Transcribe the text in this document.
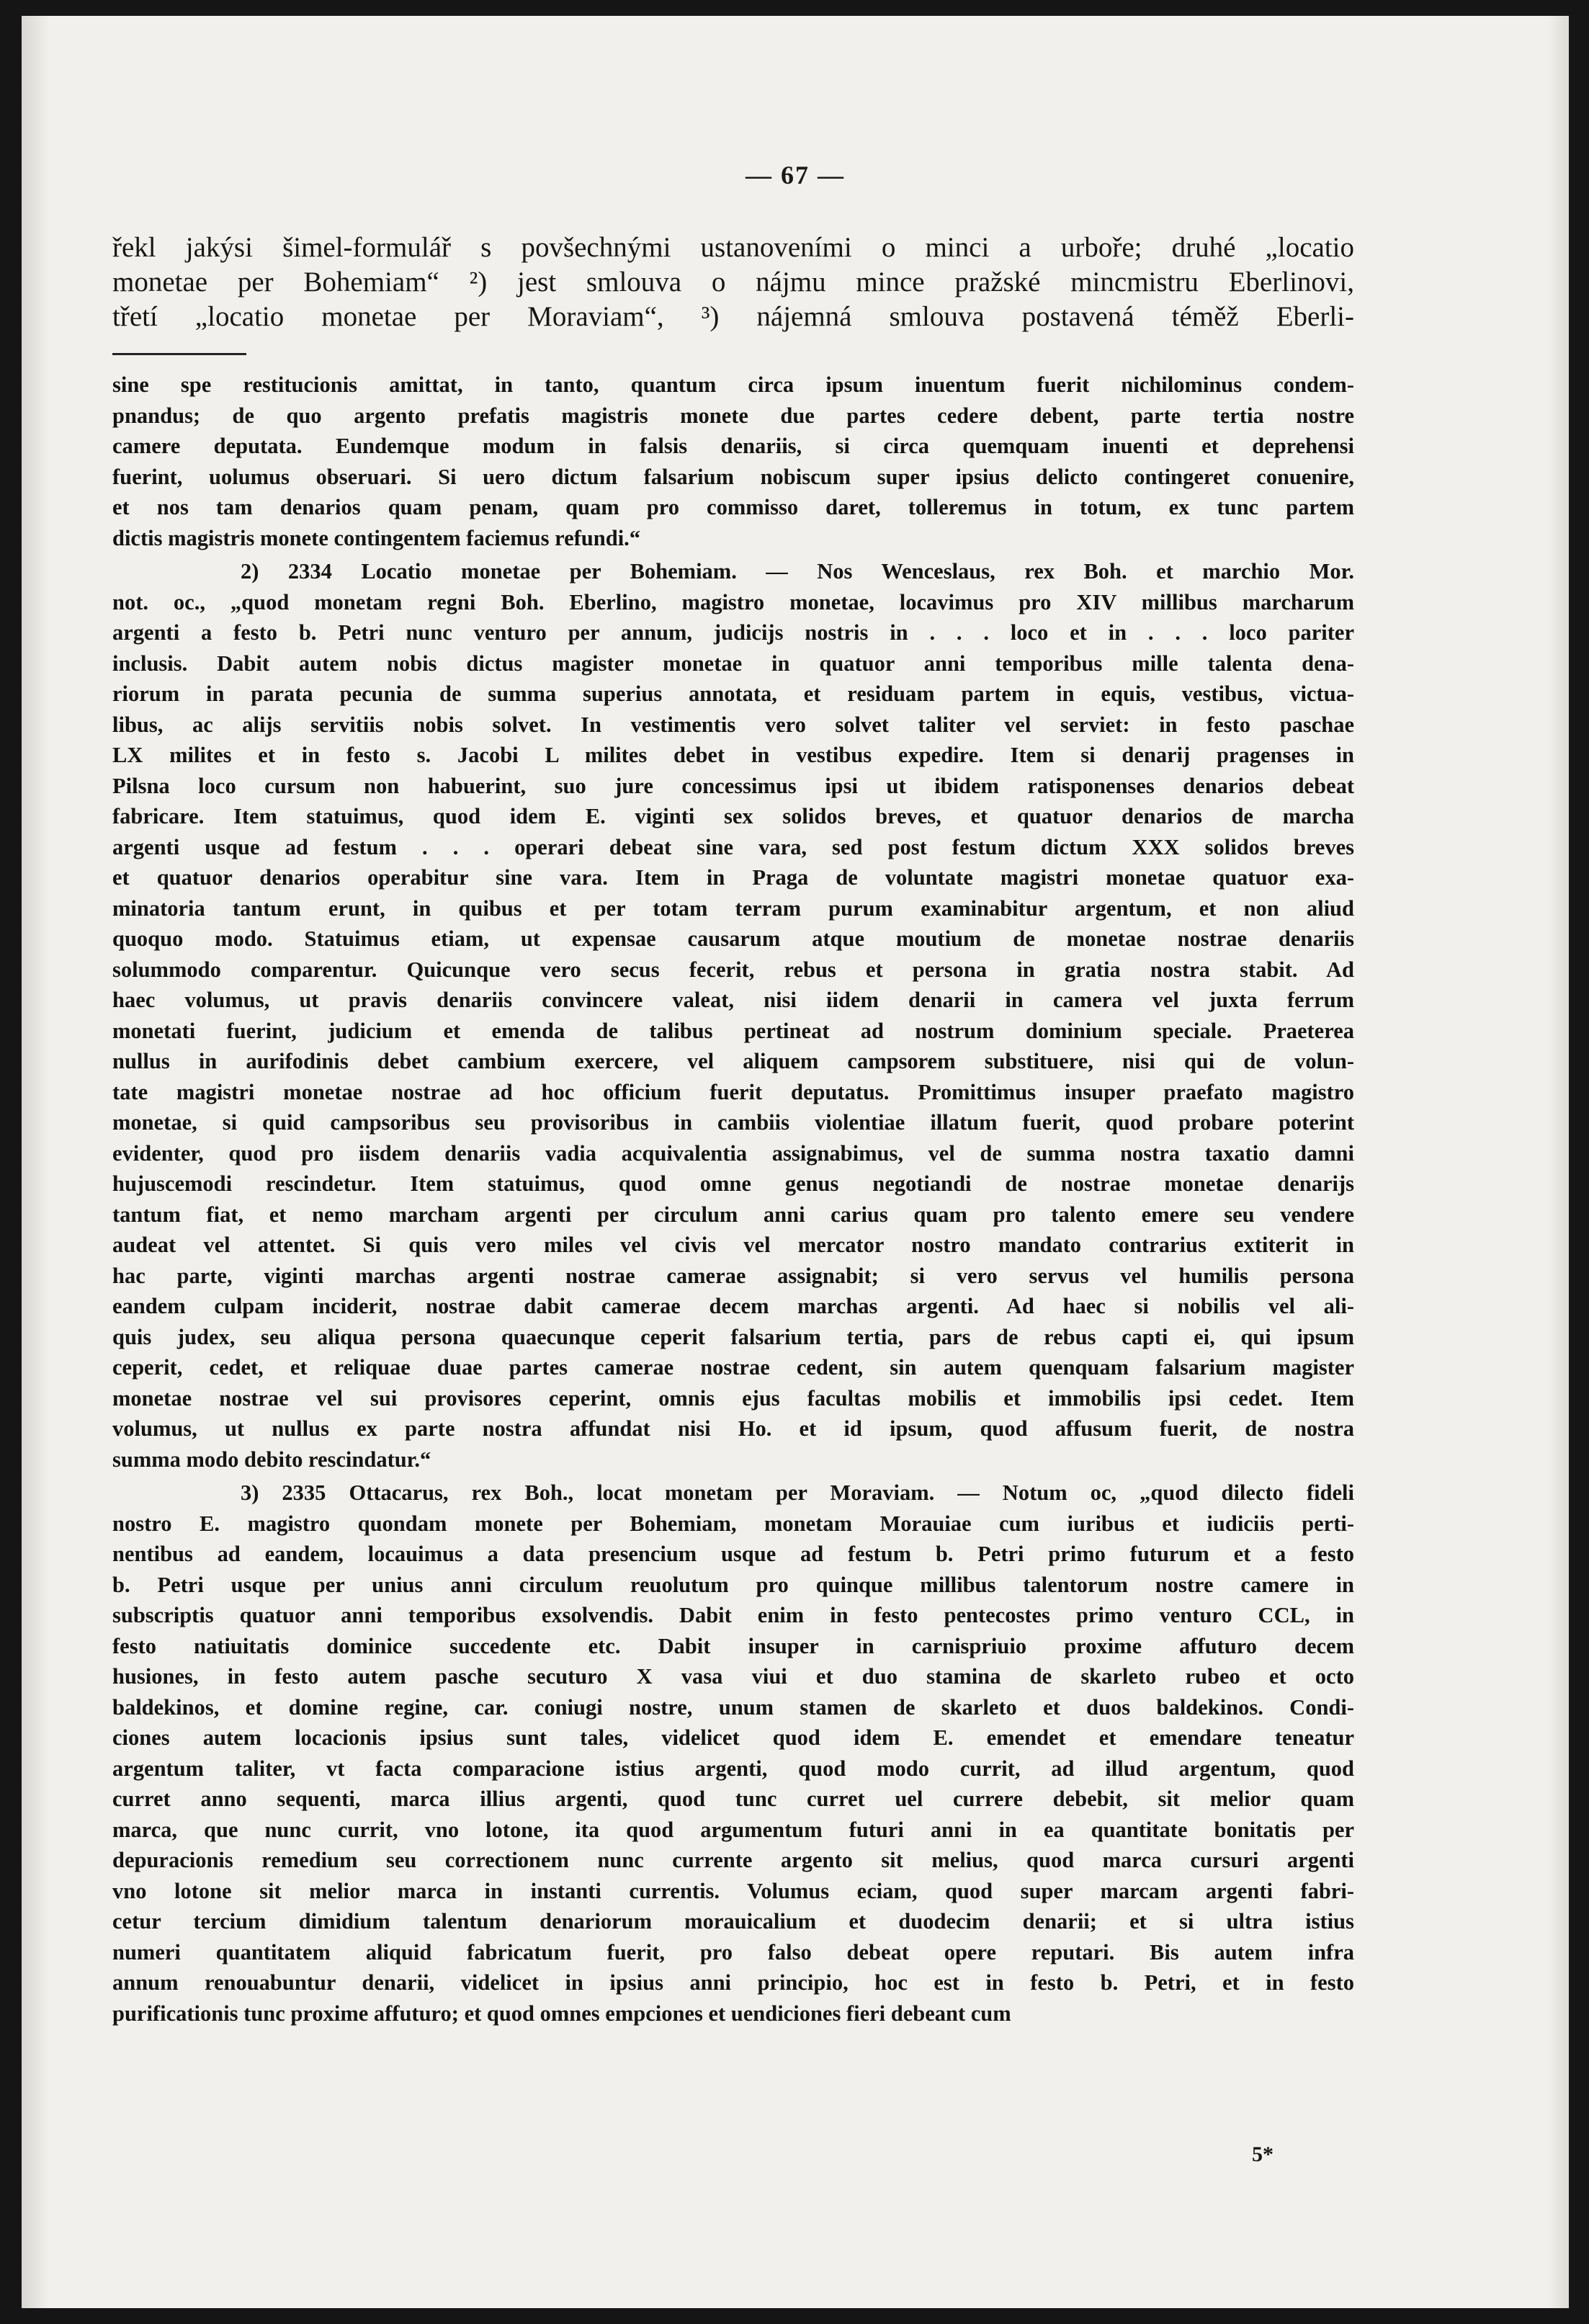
— 67 —

řekl jakýsi šimel-formulář s povšechnými ustanoveními o minci a urboře; druhé „locatio
monetae per Bohemiam“ ²) jest smlouva o nájmu mince pražské mincmistru Eberlinovi,
třetí „locatio monetae per Moraviam“, ³) nájemná smlouva postavená téměž Eberli-

sine spe restitucionis amittat, in tanto, quantum circa ipsum inuentum fuerit nichilominus condem-
pnandus; de quo argento prefatis magistris monete due partes cedere debent, parte tertia nostre
camere deputata. Eundemque modum in falsis denariis, si circa quemquam inuenti et deprehensi
fuerint, uolumus obseruari. Si uero dictum falsarium nobiscum super ipsius delicto contingeret conuenire,
et nos tam denarios quam penam, quam pro commisso daret, tolleremus in totum, ex tunc partem
dictis magistris monete contingentem faciemus refundi.“

2) 2334 Locatio monetae per Bohemiam. — Nos Wenceslaus, rex Boh. et marchio Mor.
not. oc., „quod monetam regni Boh. Eberlino, magistro monetae, locavimus pro XIV millibus marcharum
argenti a festo b. Petri nunc venturo per annum, judicijs nostris in . . . loco et in . . . loco pariter
inclusis. Dabit autem nobis dictus magister monetae in quatuor anni temporibus mille talenta dena-
riorum in parata pecunia de summa superius annotata, et residuam partem in equis, vestibus, victua-
libus, ac alijs servitiis nobis solvet. In vestimentis vero solvet taliter vel serviet: in festo paschae
LX milites et in festo s. Jacobi L milites debet in vestibus expedire. Item si denarij pragenses in
Pilsna loco cursum non habuerint, suo jure concessimus ipsi ut ibidem ratisponenses denarios debeat
fabricare. Item statuimus, quod idem E. viginti sex solidos breves, et quatuor denarios de marcha
argenti usque ad festum . . . operari debeat sine vara, sed post festum dictum XXX solidos breves
et quatuor denarios operabitur sine vara. Item in Praga de voluntate magistri monetae quatuor exa-
minatoria tantum erunt, in quibus et per totam terram purum examinabitur argentum, et non aliud
quoquo modo. Statuimus etiam, ut expensae causarum atque moutium de monetae nostrae denariis
solummodo comparentur. Quicunque vero secus fecerit, rebus et persona in gratia nostra stabit. Ad
haec volumus, ut pravis denariis convincere valeat, nisi iidem denarii in camera vel juxta ferrum
monetati fuerint, judicium et emenda de talibus pertineat ad nostrum dominium speciale. Praeterea
nullus in aurifodinis debet cambium exercere, vel aliquem campsorem substituere, nisi qui de volun-
tate magistri monetae nostrae ad hoc officium fuerit deputatus. Promittimus insuper praefato magistro
monetae, si quid campsoribus seu provisoribus in cambiis violentiae illatum fuerit, quod probare poterint
evidenter, quod pro iisdem denariis vadia acquivalentia assignabimus, vel de summa nostra taxatio damni
hujuscemodi rescindetur. Item statuimus, quod omne genus negotiandi de nostrae monetae denarijs
tantum fiat, et nemo marcham argenti per circulum anni carius quam pro talento emere seu vendere
audeat vel attentet. Si quis vero miles vel civis vel mercator nostro mandato contrarius extiterit in
hac parte, viginti marchas argenti nostrae camerae assignabit; si vero servus vel humilis persona
eandem culpam inciderit, nostrae dabit camerae decem marchas argenti. Ad haec si nobilis vel ali-
quis judex, seu aliqua persona quaecunque ceperit falsarium tertia, pars de rebus capti ei, qui ipsum
ceperit, cedet, et reliquae duae partes camerae nostrae cedent, sin autem quenquam falsarium magister
monetae nostrae vel sui provisores ceperint, omnis ejus facultas mobilis et immobilis ipsi cedet. Item
volumus, ut nullus ex parte nostra affundat nisi Ho. et id ipsum, quod affusum fuerit, de nostra
summa modo debito rescindatur.“

3) 2335 Ottacarus, rex Boh., locat monetam per Moraviam. — Notum oc, „quod dilecto fideli
nostro E. magistro quondam monete per Bohemiam, monetam Morauiae cum iuribus et iudiciis perti-
nentibus ad eandem, locauimus a data presencium usque ad festum b. Petri primo futurum et a festo
b. Petri usque per unius anni circulum reuolutum pro quinque millibus talentorum nostre camere in
subscriptis quatuor anni temporibus exsolvendis. Dabit enim in festo pentecostes primo venturo CCL, in
festo natiuitatis dominice succedente etc. Dabit insuper in carnispriuio proxime affuturo decem
husiones, in festo autem pasche secuturo X vasa viui et duo stamina de skarleto rubeo et octo
baldekinos, et domine regine, car. coniugi nostre, unum stamen de skarleto et duos baldekinos. Condi-
ciones autem locacionis ipsius sunt tales, videlicet quod idem E. emendet et emendare teneatur
argentum taliter, vt facta comparacione istius argenti, quod modo currit, ad illud argentum, quod
curret anno sequenti, marca illius argenti, quod tunc curret uel currere debebit, sit melior quam
marca, que nunc currit, vno lotone, ita quod argumentum futuri anni in ea quantitate bonitatis per
depuracionis remedium seu correctionem nunc currente argento sit melius, quod marca cursuri argenti
vno lotone sit melior marca in instanti currentis. Volumus eciam, quod super marcam argenti fabri-
cetur tercium dimidium talentum denariorum morauicalium et duodecim denarii; et si ultra istius
numeri quantitatem aliquid fabricatum fuerit, pro falso debeat opere reputari. Bis autem infra
annum renouabuntur denarii, videlicet in ipsius anni principio, hoc est in festo b. Petri, et in festo
purificationis tunc proxime affuturo; et quod omnes empciones et uendiciones fieri debeant cum

5*
